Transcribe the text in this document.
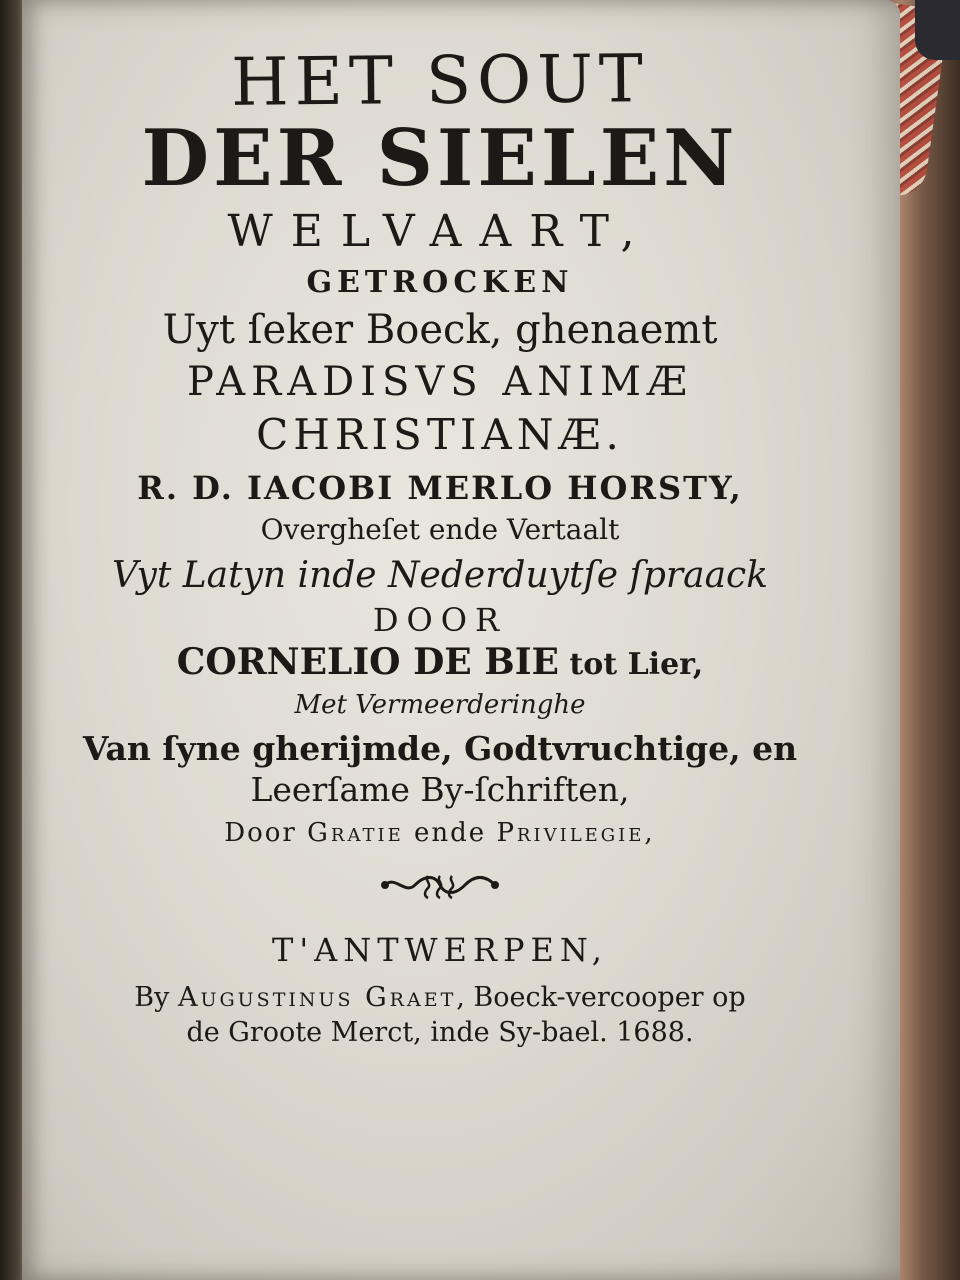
HET SOUT
DER SIELEN
WELVAART,
GETROCKEN
Uyt ſeker Boeck, ghenaemt
PARADISVS ANIMÆ
CHRISTIANÆ.
R. D. IACOBI MERLO HORSTY,
Overgheſet ende Vertaalt
Vyt Latyn inde Nederduytſe ſpraack
DOOR
CORNELIO DE BIE tot Lier,
Met Vermeerderinghe
Van ſyne gherijmde, Godtvruchtige, en
Leerſame By-ſchriften,
Door Gratie ende Privilegie,
T'ANTWERPEN,
By Augustinus Graet, Boeck-vercooper op
de Groote Merct, inde Sy-bael. 1688.
